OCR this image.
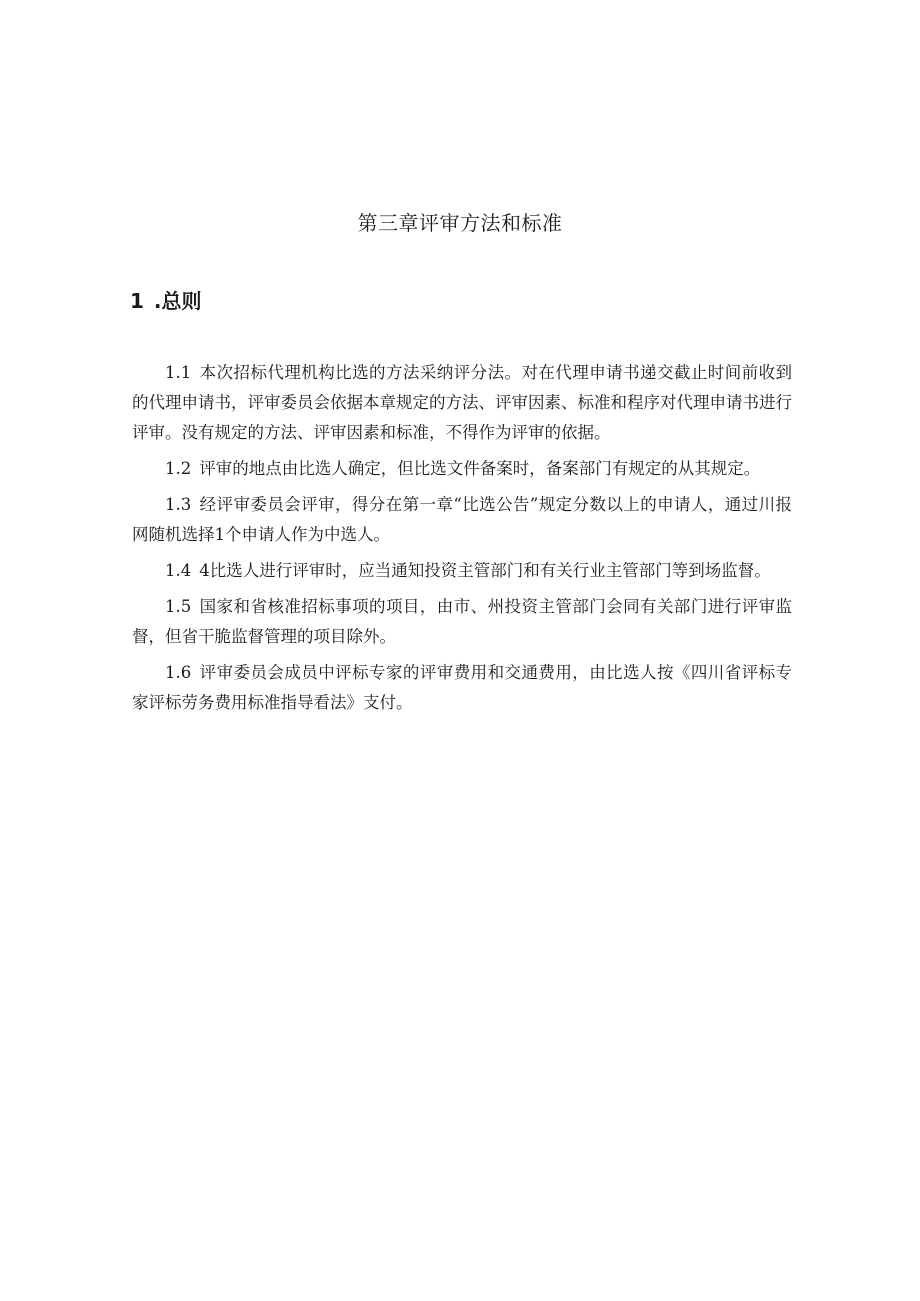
第三章评审方法和标准
1 .总则

1.1 本次招标代理机构比选的方法采纳评分法。对在代理申请书递交截止时间前收到的代理申请书，评审委员会依据本章规定的方法、评审因素、标准和程序对代理申请书进行评审。没有规定的方法、评审因素和标准，不得作为评审的依据。

1.2 评审的地点由比选人确定，但比选文件备案时，备案部门有规定的从其规定。

1.3 经评审委员会评审，得分在第一章“比选公告”规定分数以上的申请人，通过川报网随机选择1个申请人作为中选人。

1.4 4比选人进行评审时，应当通知投资主管部门和有关行业主管部门等到场监督。

1.5 国家和省核准招标事项的项目，由市、州投资主管部门会同有关部门进行评审监督，但省干脆监督管理的项目除外。

1.6 评审委员会成员中评标专家的评审费用和交通费用，由比选人按《四川省评标专家评标劳务费用标准指导看法》支付。
